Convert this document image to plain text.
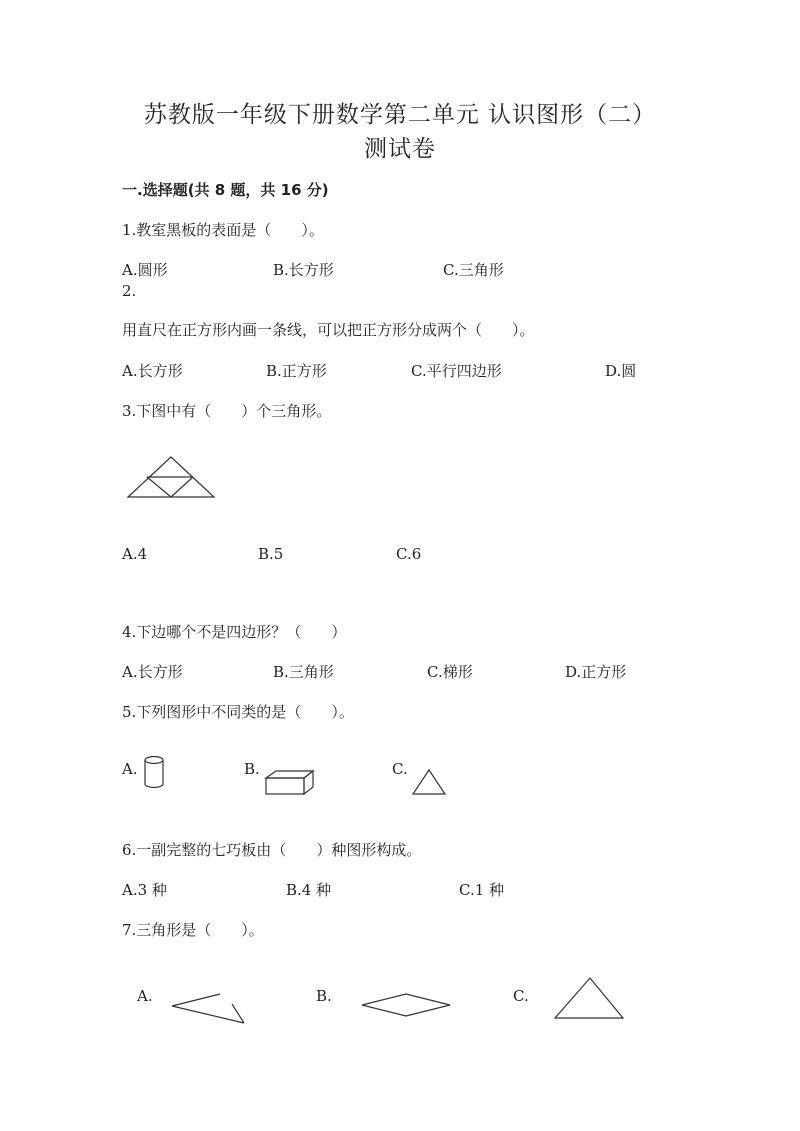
苏教版一年级下册数学第二单元 认识图形（二）
测试卷
一.选择题(共 8 题，共 16 分)
1.教室黑板的表面是（　　）。
A.圆形	B.长方形	C.三角形
2.
用直尺在正方形内画一条线，可以把正方形分成两个（　　）。
A.长方形	B.正方形	C.平行四边形	D.圆
3.下图中有（　　）个三角形。
A.4	B.5	C.6
4.下边哪个不是四边形？（　　）
A.长方形	B.三角形	C.梯形	D.正方形
5.下列图形中不同类的是（　　）。
A.	B.	C.
6.一副完整的七巧板由（　　）种图形构成。
A.3 种	B.4 种	C.1 种
7.三角形是（　　）。
A.	B.	C.
